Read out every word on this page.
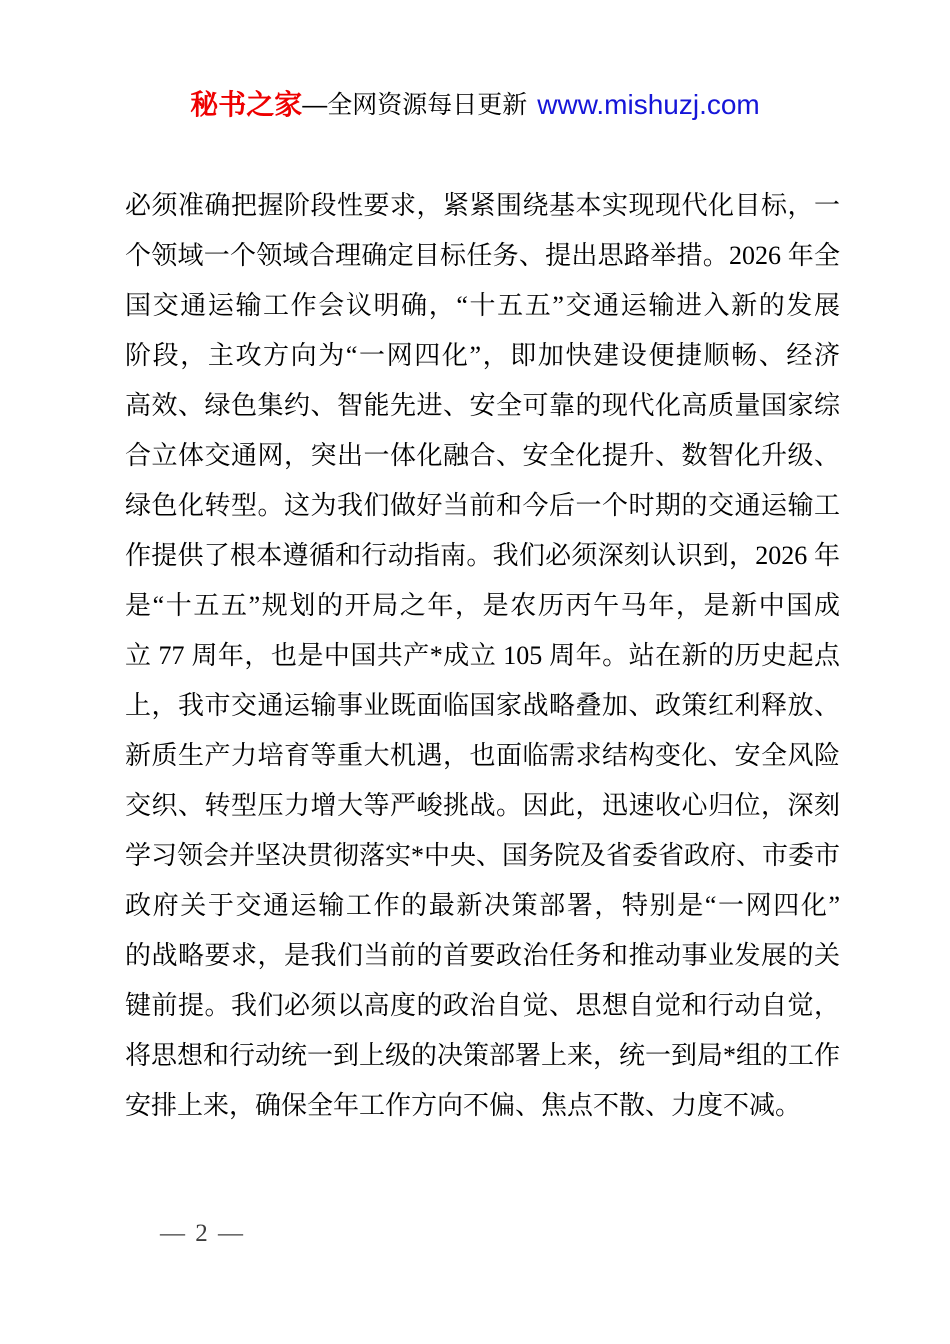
秘书之家—全网资源每日更新 www.mishuzj.com
必须准确把握阶段性要求，紧紧围绕基本实现现代化目标，一
个领域一个领域合理确定目标任务、提出思路举措。2026 年全
国交通运输工作会议明确，“十五五”交通运输进入新的发展
阶段，主攻方向为“一网四化”，即加快建设便捷顺畅、经济
高效、绿色集约、智能先进、安全可靠的现代化高质量国家综
合立体交通网，突出一体化融合、安全化提升、数智化升级、
绿色化转型。这为我们做好当前和今后一个时期的交通运输工
作提供了根本遵循和行动指南。我们必须深刻认识到，2026 年
是“十五五”规划的开局之年，是农历丙午马年，是新中国成
立 77 周年，也是中国共产*成立 105 周年。站在新的历史起点
上，我市交通运输事业既面临国家战略叠加、政策红利释放、
新质生产力培育等重大机遇，也面临需求结构变化、安全风险
交织、转型压力增大等严峻挑战。因此，迅速收心归位，深刻
学习领会并坚决贯彻落实*中央、国务院及省委省政府、市委市
政府关于交通运输工作的最新决策部署，特别是“一网四化”
的战略要求，是我们当前的首要政治任务和推动事业发展的关
键前提。我们必须以高度的政治自觉、思想自觉和行动自觉，
将思想和行动统一到上级的决策部署上来，统一到局*组的工作
安排上来，确保全年工作方向不偏、焦点不散、力度不减。
— 2 —
